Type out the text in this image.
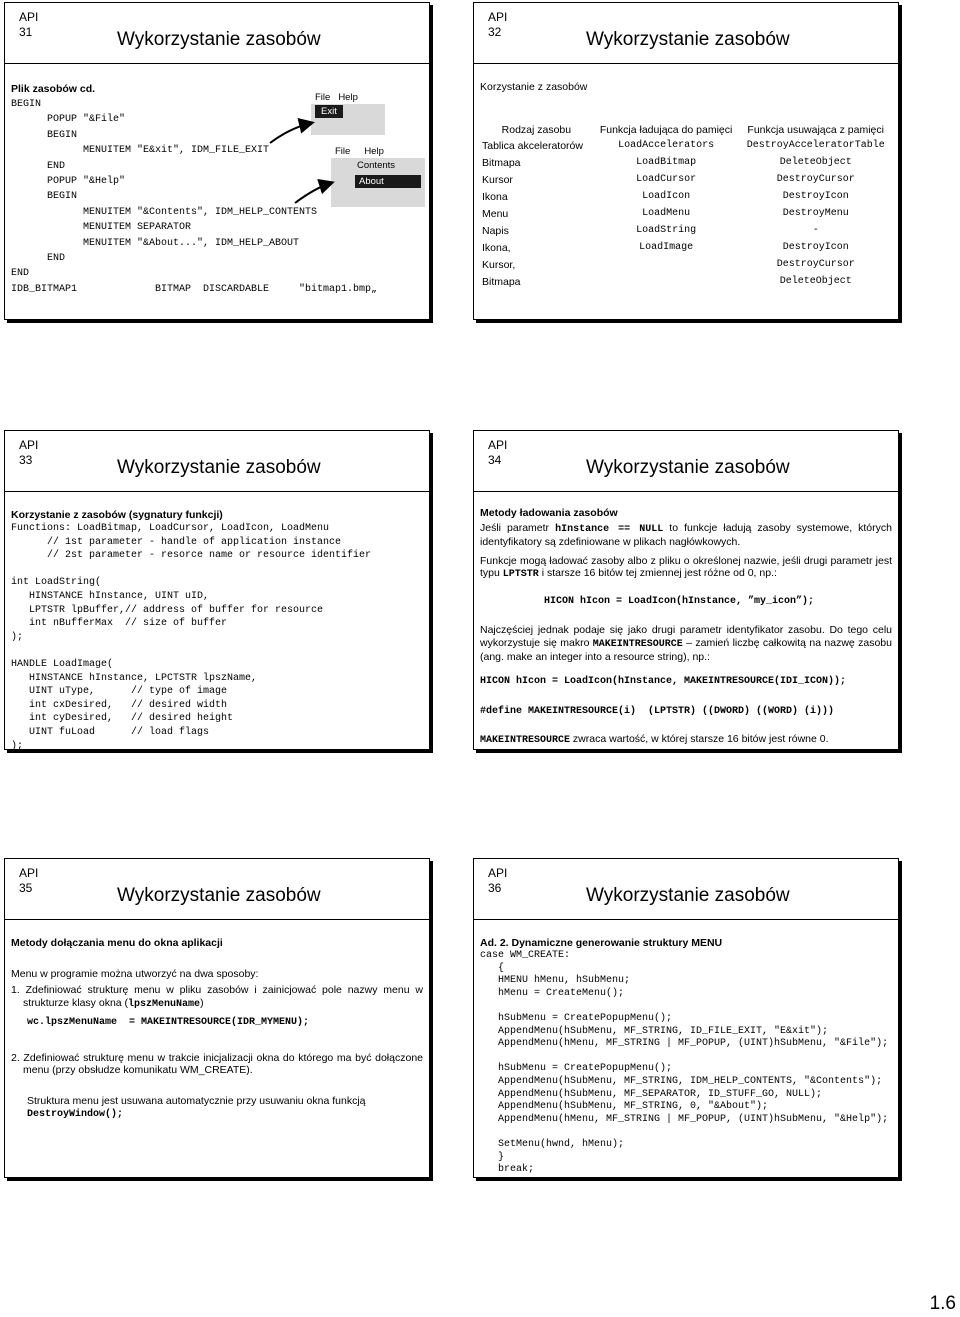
API
31	Wykorzystanie zasobów
Plik zasobów cd.
BEGIN
POPUP "&File"
BEGIN
MENUITEM "E&xit", IDM_FILE_EXIT
END
POPUP "&Help"
BEGIN
MENUITEM "&Contents", IDM_HELP_CONTENTS
MENUITEM SEPARATOR
MENUITEM "&About...", IDM_HELP_ABOUT
END
END
IDB_BITMAP1             BITMAP  DISCARDABLE     "bitmap1.bmp„
File Help
Exit
File Help
Contents
About
API
32	Wykorzystanie zasobów
Korzystanie z zasobów
Rodzaj zasobu	Funkcja ładująca do pamięci	Funkcja usuwająca z pamięci
Tablica akceleratorów	LoadAccelerators	DestroyAcceleratorTable
Bitmapa	LoadBitmap	DeleteObject
Kursor	LoadCursor	DestroyCursor
Ikona	LoadIcon	DestroyIcon
Menu	LoadMenu	DestroyMenu
Napis	LoadString	-
Ikona,	LoadImage	DestroyIcon
Kursor,		DestroyCursor
Bitmapa		DeleteObject
API
33	Wykorzystanie zasobów
Korzystanie z zasobów (sygnatury funkcji)
Functions: LoadBitmap, LoadCursor, LoadIcon, LoadMenu
// 1st parameter - handle of application instance
// 2st parameter - resorce name or resource identifier

int LoadString(
HINSTANCE hInstance, UINT uID,
LPTSTR lpBuffer,// address of buffer for resource
int nBufferMax  // size of buffer
);

HANDLE LoadImage(
HINSTANCE hInstance, LPCTSTR lpszName,
UINT uType,      // type of image
int cxDesired,   // desired width
int cyDesired,   // desired height
UINT fuLoad      // load flags
);
API
34	Wykorzystanie zasobów
Metody ładowania zasobów
Jeśli parametr hInstance == NULL to funkcje ładują zasoby systemowe, których identyfikatory są zdefiniowane w plikach nagłówkowych.
Funkcje mogą ładować zasoby albo z pliku o określonej nazwie, jeśli drugi parametr jest typu LPTSTR i starsze 16 bitów tej zmiennej jest różne od 0, np.:
HICON hIcon = LoadIcon(hInstance, ”my_icon”);
Najczęściej jednak podaje się jako drugi parametr identyfikator zasobu. Do tego celu wykorzystuje się makro MAKEINTRESOURCE – zamień liczbę całkowitą na nazwę zasobu (ang. make an integer into a resource string), np.:
HICON hIcon = LoadIcon(hInstance, MAKEINTRESOURCE(IDI_ICON));
#define MAKEINTRESOURCE(i)  (LPTSTR) ((DWORD) ((WORD) (i)))
MAKEINTRESOURCE zwraca wartość, w której starsze 16 bitów jest równe 0.
API
35	Wykorzystanie zasobów
Metody dołączania menu do okna aplikacji
Menu w programie można utworzyć na dwa sposoby:
1. Zdefiniować strukturę menu w pliku zasobów i zainicjować pole nazwy menu w strukturze klasy okna (lpszMenuName)
wc.lpszMenuName  = MAKEINTRESOURCE(IDR_MYMENU);
2. Zdefiniować strukturę menu w trakcie inicjalizacji okna do którego ma być dołączone menu (przy obsłudze komunikatu WM_CREATE).
Struktura menu jest usuwana automatycznie przy usuwaniu okna funkcją
DestroyWindow();
API
36	Wykorzystanie zasobów
Ad. 2. Dynamiczne generowanie struktury MENU
case WM_CREATE:
{
HMENU hMenu, hSubMenu;
hMenu = CreateMenu();

hSubMenu = CreatePopupMenu();
AppendMenu(hSubMenu, MF_STRING, ID_FILE_EXIT, "E&xit");
AppendMenu(hMenu, MF_STRING | MF_POPUP, (UINT)hSubMenu, "&File");

hSubMenu = CreatePopupMenu();
AppendMenu(hSubMenu, MF_STRING, IDM_HELP_CONTENTS, "&Contents");
AppendMenu(hSubMenu, MF_SEPARATOR, ID_STUFF_GO, NULL);
AppendMenu(hSubMenu, MF_STRING, 0, "&About");
AppendMenu(hMenu, MF_STRING | MF_POPUP, (UINT)hSubMenu, "&Help");

SetMenu(hwnd, hMenu);
}
break;
1.6
